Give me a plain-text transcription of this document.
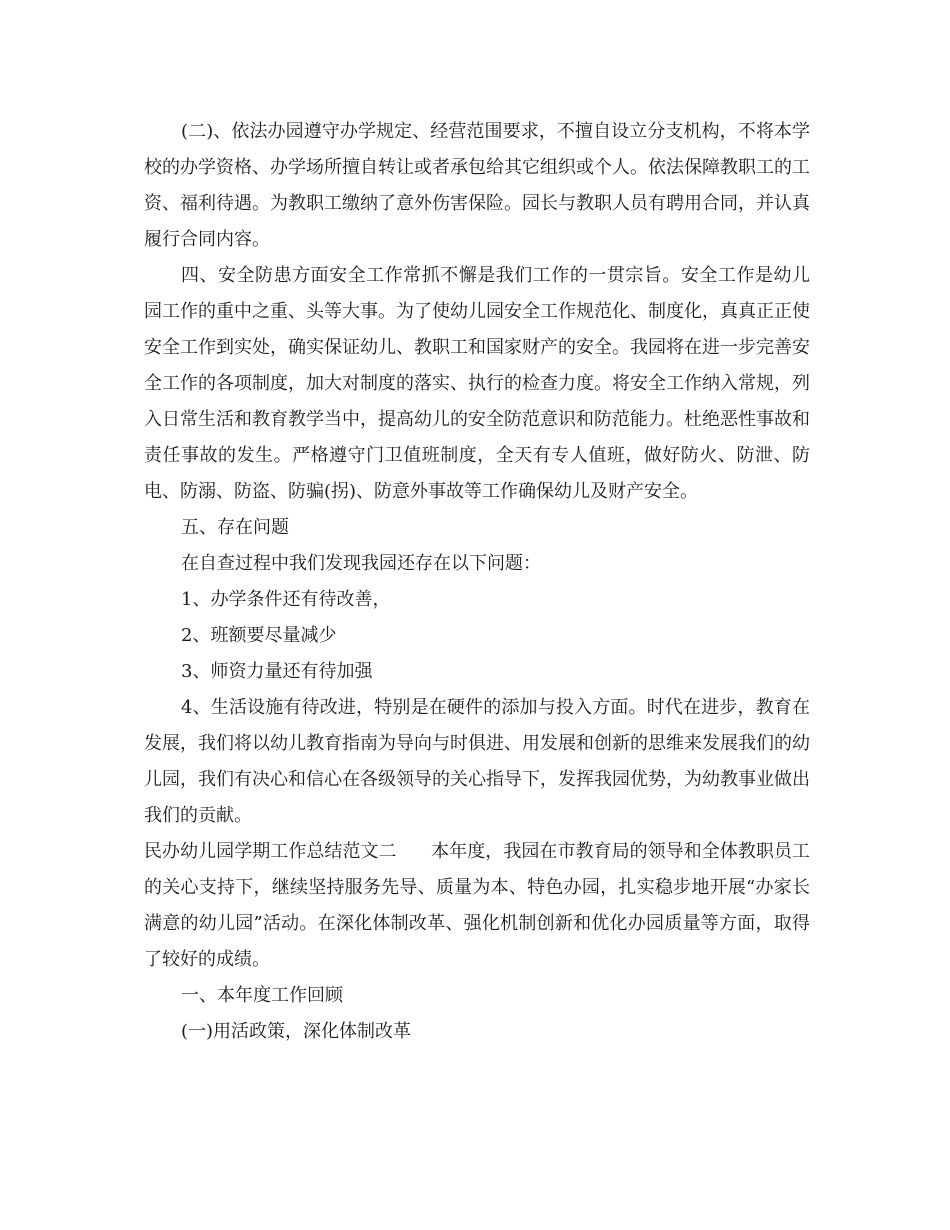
(二)、依法办园遵守办学规定、经营范围要求，不擅自设立分支机构，不将本学校的办学资格、办学场所擅自转让或者承包给其它组织或个人。依法保障教职工的工资、福利待遇。为教职工缴纳了意外伤害保险。园长与教职人员有聘用合同，并认真履行合同内容。

四、安全防患方面安全工作常抓不懈是我们工作的一贯宗旨。安全工作是幼儿园工作的重中之重、头等大事。为了使幼儿园安全工作规范化、制度化，真真正正使安全工作到实处，确实保证幼儿、教职工和国家财产的安全。我园将在进一步完善安全工作的各项制度，加大对制度的落实、执行的检查力度。将安全工作纳入常规，列入日常生活和教育教学当中，提高幼儿的安全防范意识和防范能力。杜绝恶性事故和责任事故的发生。严格遵守门卫值班制度，全天有专人值班，做好防火、防泄、防电、防溺、防盗、防骗(拐)、防意外事故等工作确保幼儿及财产安全。

五、存在问题

在自查过程中我们发现我园还存在以下问题：

1、办学条件还有待改善，

2、班额要尽量减少

3、师资力量还有待加强

4、生活设施有待改进，特别是在硬件的添加与投入方面。时代在进步，教育在发展，我们将以幼儿教育指南为导向与时俱进、用发展和创新的思维来发展我们的幼儿园，我们有决心和信心在各级领导的关心指导下，发挥我园优势，为幼教事业做出我们的贡献。

民办幼儿园学期工作总结范文二 本年度，我园在市教育局的领导和全体教职员工的关心支持下，继续坚持服务先导、质量为本、特色办园，扎实稳步地开展“办家长满意的幼儿园”活动。在深化体制改革、强化机制创新和优化办园质量等方面，取得了较好的成绩。

一、本年度工作回顾

(一)用活政策，深化体制改革
